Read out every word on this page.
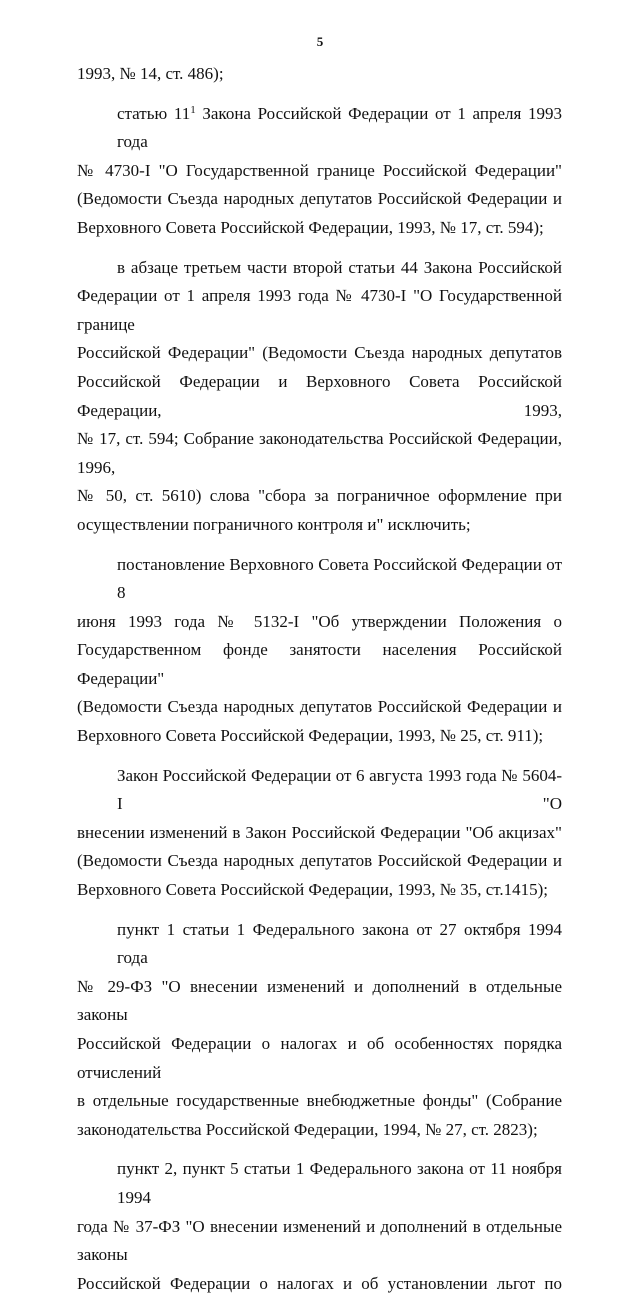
5

1993, № 14, ст. 486);

статью $11^1$ Закона Российской Федерации от 1 апреля 1993 года
№ 4730-I "О Государственной границе Российской Федерации"
(Ведомости Съезда народных депутатов Российской Федерации и
Верховного Совета Российской Федерации, 1993, № 17, ст. 594);

в абзаце третьем части второй статьи 44 Закона Российской
Федерации от 1 апреля 1993 года № 4730-I "О Государственной границе
Российской Федерации" (Ведомости Съезда народных депутатов
Российской Федерации и Верховного Совета Российской Федерации, 1993,
№ 17, ст. 594; Собрание законодательства Российской Федерации, 1996,
№ 50, ст. 5610) слова "сбора за пограничное оформление при
осуществлении пограничного контроля и" исключить;

постановление Верховного Совета Российской Федерации от 8
июня 1993 года № 5132-I "Об утверждении Положения о
Государственном фонде занятости населения Российской Федерации"
(Ведомости Съезда народных депутатов Российской Федерации и
Верховного Совета Российской Федерации, 1993, № 25, ст. 911);

Закон Российской Федерации от 6 августа 1993 года № 5604-I "О
внесении изменений в Закон Российской Федерации "Об акцизах"
(Ведомости Съезда народных депутатов Российской Федерации и
Верховного Совета Российской Федерации, 1993, № 35, ст.1415);

пункт 1 статьи 1 Федерального закона от 27 октября 1994 года
№ 29-ФЗ "О внесении изменений и дополнений в отдельные законы
Российской Федерации о налогах и об особенностях порядка отчислений
в отдельные государственные внебюджетные фонды" (Собрание
законодательства Российской Федерации, 1994, № 27, ст. 2823);

пункт 2, пункт 5 статьи 1 Федерального закона от 11 ноября 1994
года № 37-ФЗ "О внесении изменений и дополнений в отдельные законы
Российской Федерации о налогах и об установлении льгот по
